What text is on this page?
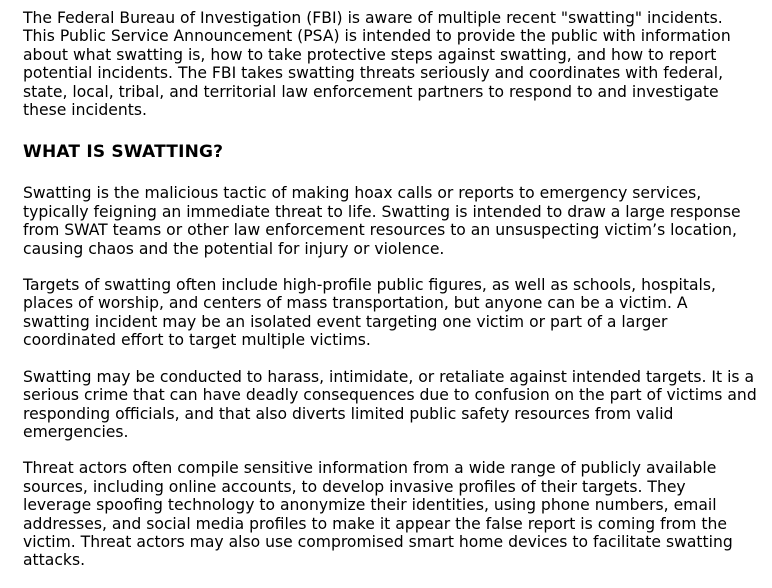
The Federal Bureau of Investigation (FBI) is aware of multiple recent "swatting" incidents. This Public Service Announcement (PSA) is intended to provide the public with information about what swatting is, how to take protective steps against swatting, and how to report potential incidents. The FBI takes swatting threats seriously and coordinates with federal, state, local, tribal, and territorial law enforcement partners to respond to and investigate these incidents.

WHAT IS SWATTING?

Swatting is the malicious tactic of making hoax calls or reports to emergency services, typically feigning an immediate threat to life. Swatting is intended to draw a large response from SWAT teams or other law enforcement resources to an unsuspecting victim’s location, causing chaos and the potential for injury or violence.

Targets of swatting often include high-profile public figures, as well as schools, hospitals, places of worship, and centers of mass transportation, but anyone can be a victim. A swatting incident may be an isolated event targeting one victim or part of a larger coordinated effort to target multiple victims.

Swatting may be conducted to harass, intimidate, or retaliate against intended targets. It is a serious crime that can have deadly consequences due to confusion on the part of victims and responding officials, and that also diverts limited public safety resources from valid emergencies.

Threat actors often compile sensitive information from a wide range of publicly available sources, including online accounts, to develop invasive profiles of their targets. They leverage spoofing technology to anonymize their identities, using phone numbers, email addresses, and social media profiles to make it appear the false report is coming from the victim. Threat actors may also use compromised smart home devices to facilitate swatting attacks.
